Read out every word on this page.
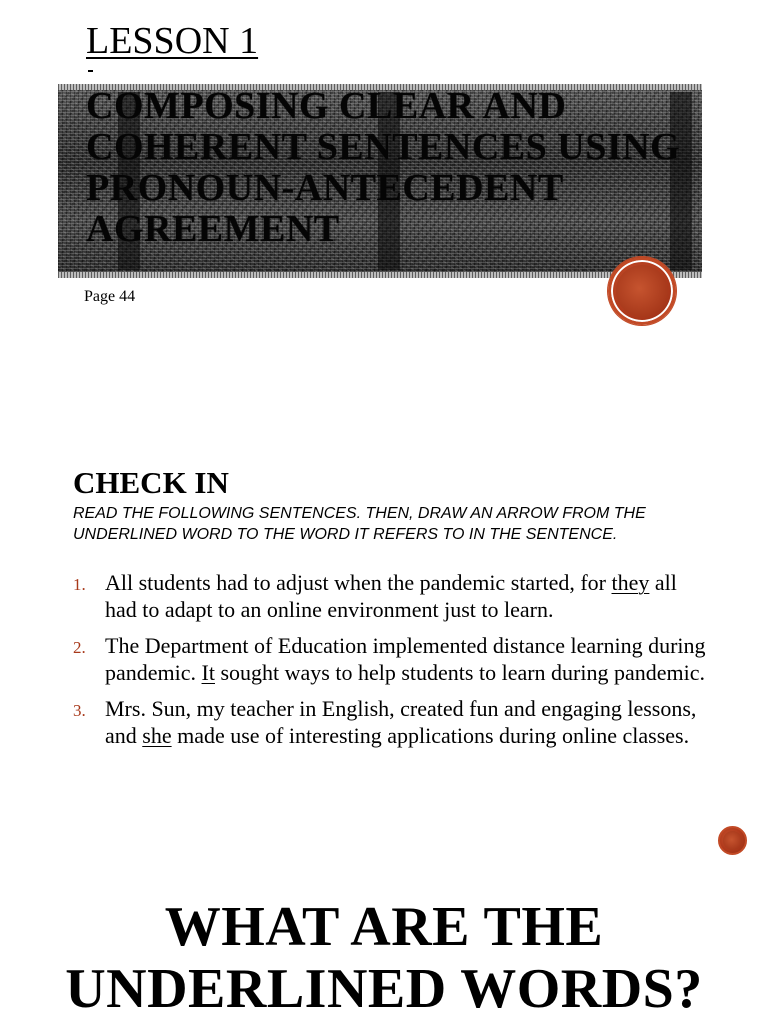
LESSON 1
COMPOSING CLEAR AND COHERENT SENTENCES USING PRONOUN-ANTECEDENT AGREEMENT
Page 44
CHECK IN

READ THE FOLLOWING SENTENCES. THEN, DRAW AN ARROW FROM THE UNDERLINED WORD TO THE WORD IT REFERS TO IN THE SENTENCE.

1. All students had to adjust when the pandemic started, for they all had to adapt to an online environment just to learn.
2. The Department of Education implemented distance learning during pandemic. It sought ways to help students to learn during pandemic.
3. Mrs. Sun, my teacher in English, created fun and engaging lessons, and she made use of interesting applications during online classes.
WHAT ARE THE UNDERLINED WORDS?
